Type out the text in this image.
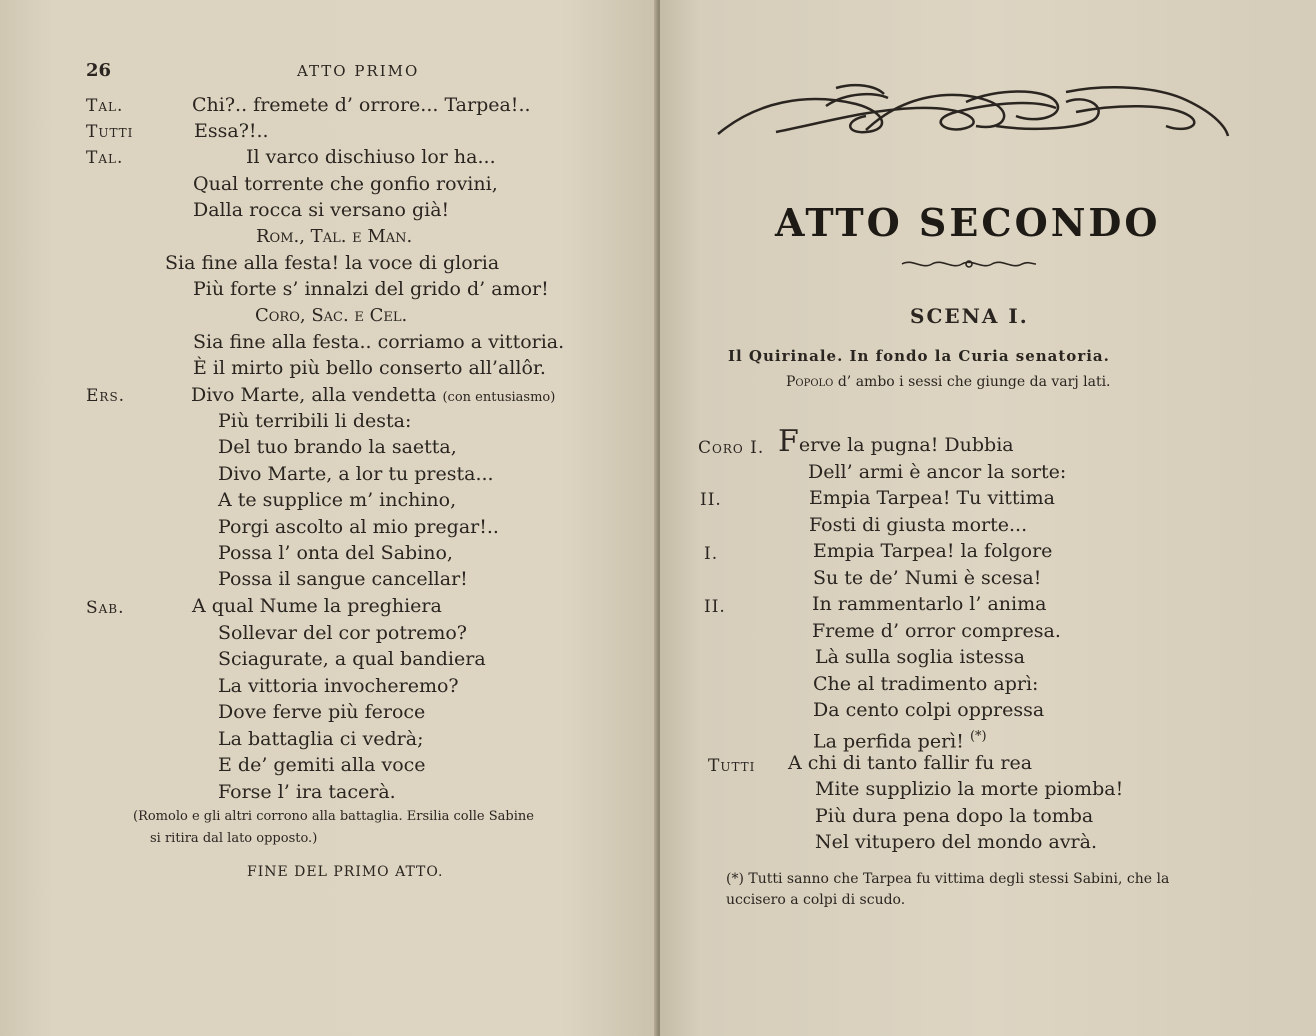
26	ATTO PRIMO
Tal.	Chi?.. fremete d’ orrore... Tarpea!..
Tutti	Essa?!..
Tal.	Il varco dischiuso lor ha...
Qual torrente che gonfio rovini,
Dalla rocca si versano già!
Rom., Tal. e Man.
Sia fine alla festa! la voce di gloria
Più forte s’ innalzi del grido d’ amor!
Coro, Sac. e Cel.
Sia fine alla festa.. corriamo a vittoria.
È il mirto più bello conserto all’allôr.
Ers.	Divo Marte, alla vendetta (con entusiasmo)
Più terribili li desta:
Del tuo brando la saetta,
Divo Marte, a lor tu presta...
A te supplice m’ inchino,
Porgi ascolto al mio pregar!..
Possa l’ onta del Sabino,
Possa il sangue cancellar!
Sab.	A qual Nume la preghiera
Sollevar del cor potremo?
Sciagurate, a qual bandiera
La vittoria invocheremo?
Dove ferve più feroce
La battaglia ci vedrà;
E de’ gemiti alla voce
Forse l’ ira tacerà.
(Romolo e gli altri corrono alla battaglia. Ersilia colle Sabine
si ritira dal lato opposto.)
FINE DEL PRIMO ATTO.
ATTO SECONDO
SCENA I.
Il Quirinale. In fondo la Curia senatoria.
Popolo d’ ambo i sessi che giunge da varj lati.
Coro I. Ferve la pugna! Dubbia
Dell’ armi è ancor la sorte:
II.	Empia Tarpea! Tu vittima
Fosti di giusta morte...
I.	Empia Tarpea! la folgore
Su te de’ Numi è scesa!
II.	In rammentarlo l’ anima
Freme d’ orror compresa.
Là sulla soglia istessa
Che al tradimento aprì:
Da cento colpi oppressa
La perfida perì! (*)
Tutti A chi di tanto fallir fu rea
Mite supplizio la morte piomba!
Più dura pena dopo la tomba
Nel vitupero del mondo avrà.
(*) Tutti sanno che Tarpea fu vittima degli stessi Sabini, che la
uccisero a colpi di scudo.
